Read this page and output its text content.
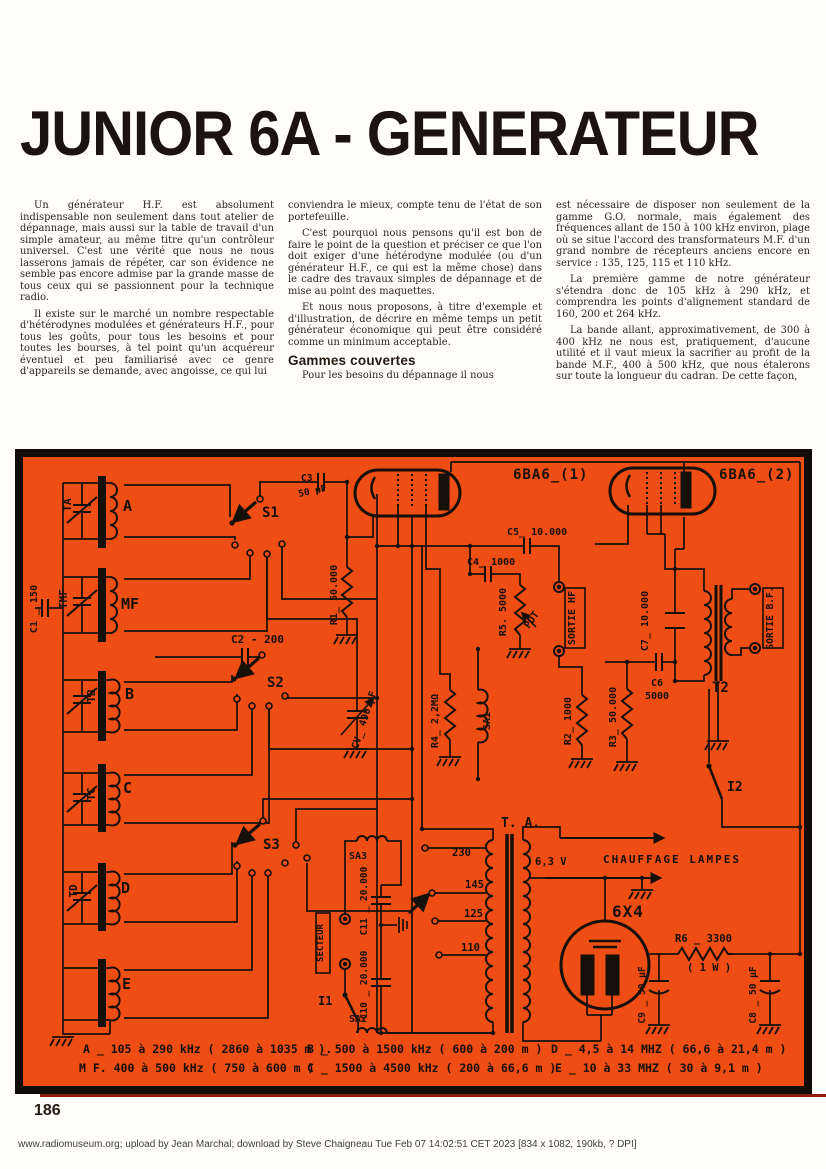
JUNIOR 6A - GENERATEUR

Un générateur H.F. est absolument indispensable non seulement dans tout atelier de dépannage, mais aussi sur la table de travail d'un simple amateur, au même titre qu'un contrôleur universel. C'est une vérité que nous ne nous lasserons jamais de répéter, car son évidence ne semble pas encore admise par la grande masse de tous ceux qui se passionnent pour la technique radio.

Il existe sur le marché un nombre respectable d'hétérodynes modulées et générateurs H.F., pour tous les goûts, pour tous les besoins et pour toutes les bourses, à tel point qu'un acquéreur éventuel et peu familiarisé avec ce genre d'appareils se demande, avec angoisse, ce qui lui

conviendra le mieux, compte tenu de l'état de son portefeuille.

C'est pourquoi nous pensons qu'il est bon de faire le point de la question et préciser ce que l'on doit exiger d'une hétérodyne modulée (ou d'un générateur H.F., ce qui est la même chose) dans le cadre des travaux simples de dépannage et de mise au point des maquettes.

Et nous nous proposons, à titre d'exemple et d'illustration, de décrire en même temps un petit générateur économique qui peut être considéré comme un minimum acceptable.

Gammes couvertes

Pour les besoins du dépannage il nous

est nécessaire de disposer non seulement de la gamme G.O. normale, mais également des fréquences allant de 150 à 100 kHz environ, plage où se situe l'accord des transformateurs M.F. d'un grand nombre de récepteurs anciens encore en service : 135, 125, 115 et 110 kHz.

La première gamme de notre générateur s'étendra donc de 105 kHz à 290 kHz, et comprendra les points d'alignement standard de 160, 200 et 264 kHz.

La bande allant, approximativement, de 300 à 400 kHz ne nous est, pratiquement, d'aucune utilité et il vaut mieux la sacrifier au profit de la bande M.F., 400 à 500 kHz, que nous étalerons sur toute la longueur du cadran. De cette façon,

TA	A
C3
50 pF
6BA6_(1)	6BA6_(2)
S1
C5_ 10.000
C4_ 1000
TMF	MF
C1 _ 150	R1_ 50.000	SORTIE HF	SORTIE B.F.
R5. 5000 POT	C7_ 10.000
C2 - 200
S2
CV_ 490 pF	R4_ 2,2MΩ	SA1	R2_ 1000	R3_ 50.000
C6
5000
T2
TB B
TC C
S3
TD	D
E
I2
T. A.
230
145
125
110
6,3 V
SA3
C11 _ 20.000
C10 _ 20.000
SA2
SECTEUR
I1
CHAUFFAGE LAMPES
6X4
R6 _ 3300
( 1 W )
C9 _ 50 µF	C8 _ 50 µF
A _ 105 à 290 kHz ( 2860 à 1035 m ).
M F. 400 à 500 kHz ( 750 à 600 m )
B _ 500 à 1500 kHz ( 600 à 200 m )
C _ 1500 à 4500 kHz ( 200 à 66,6 m )
D _ 4,5 à 14 MHZ ( 66,6 à 21,4 m )
E _ 10 à 33 MHZ ( 30 à 9,1 m )
186
www.radiomuseum.org; upload by Jean Marchal; download by Steve Chaigneau Tue Feb 07 14:02:51 CET 2023 [834 x 1082, 190kb, ? DPI]
